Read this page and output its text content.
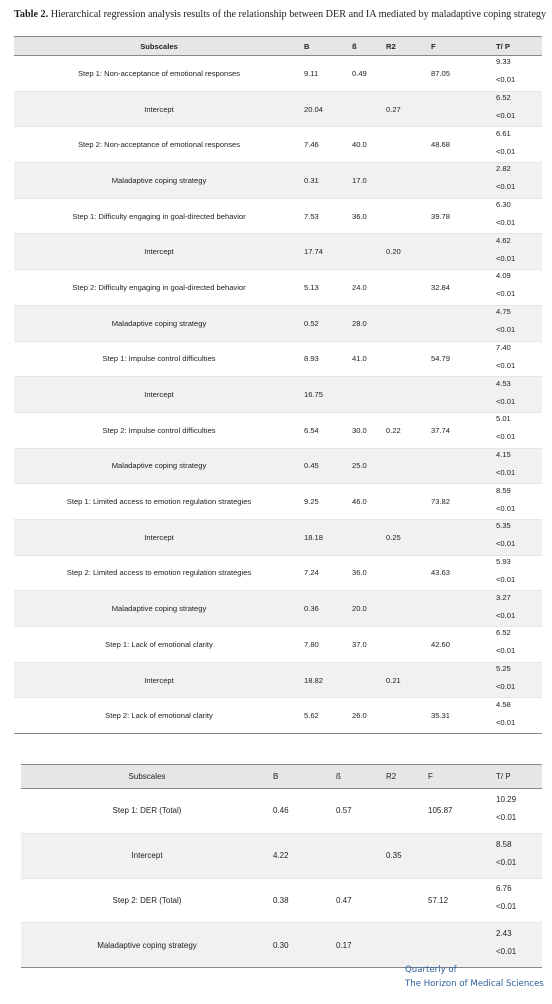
Table 2. Hierarchical regression analysis results of the relationship between DER and IA mediated by maladaptive coping strategy
Subscales	B	ß	R2	F	T/ P
Step 1: Non-acceptance of emotional responses	9.11	0.49		87.05	9.33
<0.01

Intercept	20.04		0.27		6.52
<0.01

Step 2: Non-acceptance of emotional responses	7.46	40.0		48.68	6.61
<0.01

Maladaptive coping strategy	0.31	17.0			2.82
<0.01

Step 1: Difficulty engaging in goal-directed behavior	7.53	36.0		39.78	6.30
<0.01

Intercept	17.74		0.20		4.62
<0.01

Step 2: Difficulty engaging in goal-directed behavior	5.13	24.0		32.84	4.09
<0.01

Maladaptive coping strategy	0.52	28.0			4.75
<0.01

Step 1: Impulse control difficulties	8.93	41.0		54.79	7.40
<0.01

Intercept	16.75				4.53
<0.01

Step 2: Impulse control difficulties	6.54	30.0	0.22	37.74	5.01
<0.01

Maladaptive coping strategy	0.45	25.0			4.15
<0.01

Step 1: Limited access to emotion regulation strategies	9.25	46.0		73.82	8.59
<0.01

Intercept	18.18		0.25		5.35
<0.01

Step 2: Limited access to emotion regulation strategies	7.24	36.0		43.63	5.93
<0.01

Maladaptive coping strategy	0.36	20.0			3.27
<0.01

Step 1: Lack of emotional clarity	7.80	37.0		42.60	6.52
<0.01

Intercept	18.82		0.21		5.25
<0.01

Step 2: Lack of emotional clarity	5.62	26.0		35.31	4.58
<0.01
Subscales	B	ß	R2	F	T/ P
Step 1: DER (Total)	0.46	0.57		105.87	10.29
<0.01

Intercept	4.22		0.35		8.58
<0.01

Step 2: DER (Total)	0.38	0.47		57.12	6.76
<0.01

Maladaptive coping strategy	0.30	0.17			2.43
<0.01
Quarterly of
The Horizon of Medical Sciences
